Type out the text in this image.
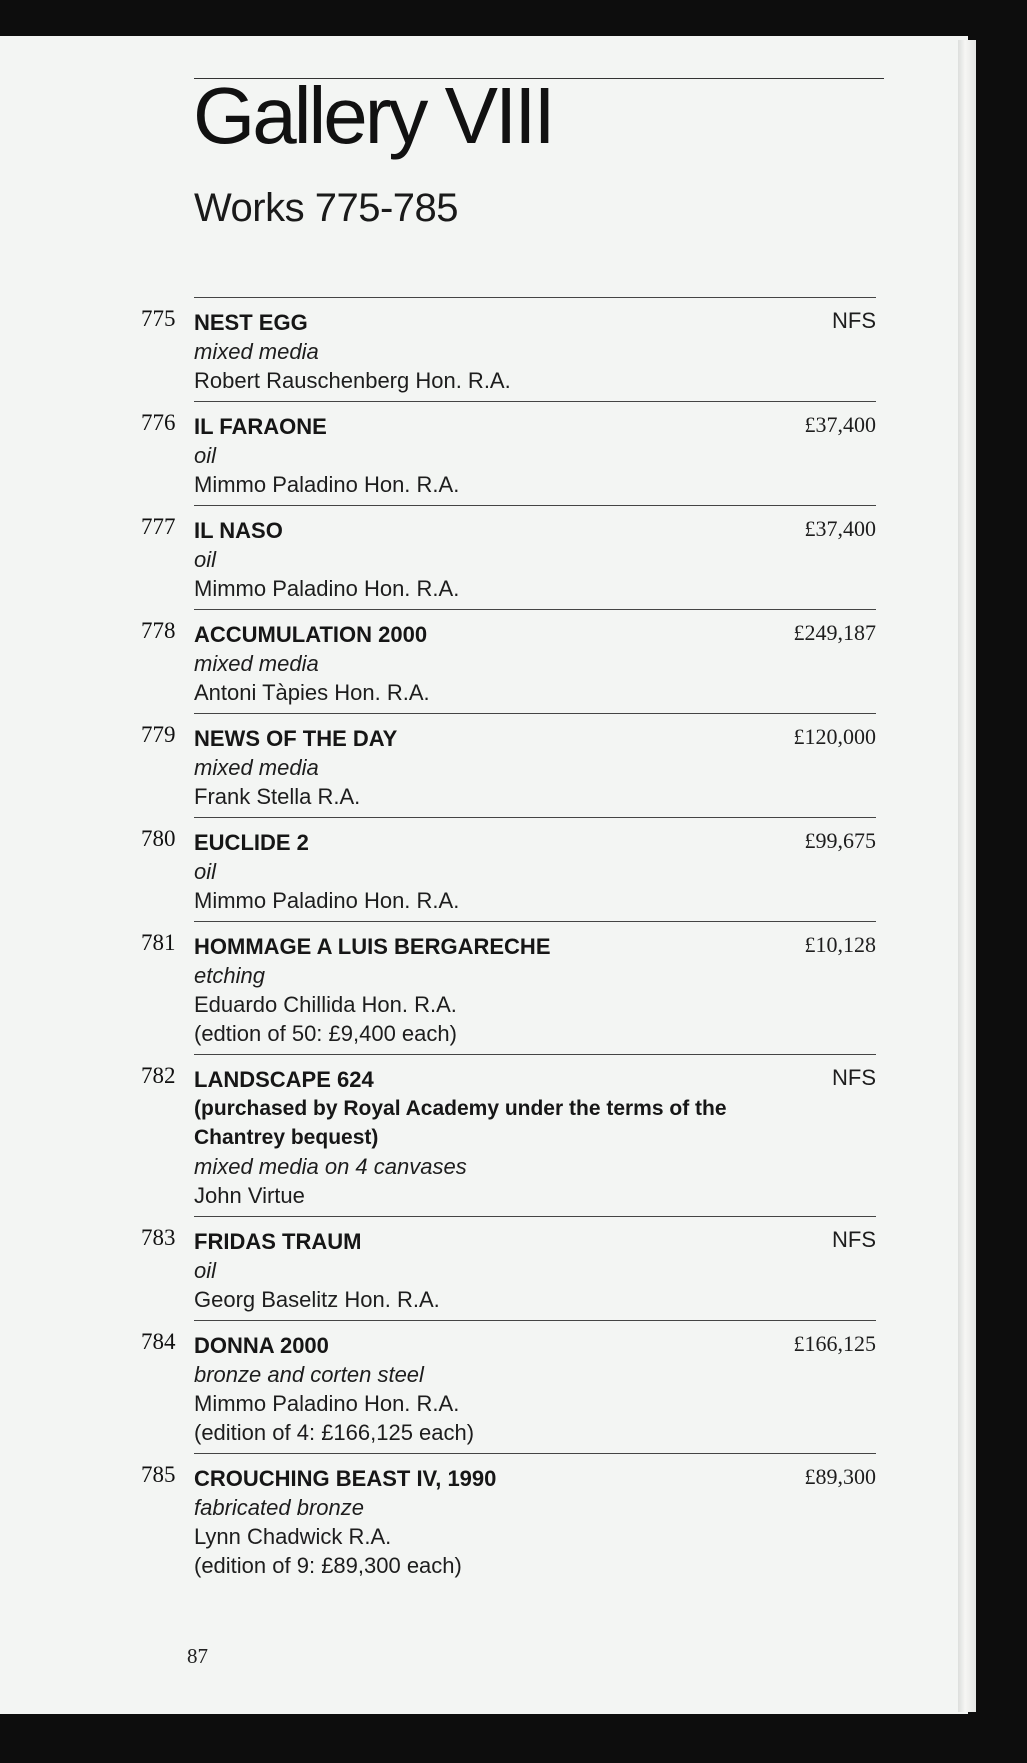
Gallery VIII
Works 775-785
775 NEST EGG
mixed media
Robert Rauschenberg Hon. R.A.
NFS
776 IL FARAONE
oil
Mimmo Paladino Hon. R.A.
£37,400
777 IL NASO
oil
Mimmo Paladino Hon. R.A.
£37,400
778 ACCUMULATION 2000
mixed media
Antoni Tàpies Hon. R.A.
£249,187
779 NEWS OF THE DAY
mixed media
Frank Stella R.A.
£120,000
780 EUCLIDE 2
oil
Mimmo Paladino Hon. R.A.
£99,675
781 HOMMAGE A LUIS BERGARECHE
etching
Eduardo Chillida Hon. R.A.
(edtion of 50: £9,400 each)
£10,128
782 LANDSCAPE 624
(purchased by Royal Academy under the terms of the Chantrey bequest)
mixed media on 4 canvases
John Virtue
NFS
783 FRIDAS TRAUM
oil
Georg Baselitz Hon. R.A.
NFS
784 DONNA 2000
bronze and corten steel
Mimmo Paladino Hon. R.A.
(edition of 4: £166,125 each)
£166,125
785 CROUCHING BEAST IV, 1990
fabricated bronze
Lynn Chadwick R.A.
(edition of 9: £89,300 each)
£89,300
87
